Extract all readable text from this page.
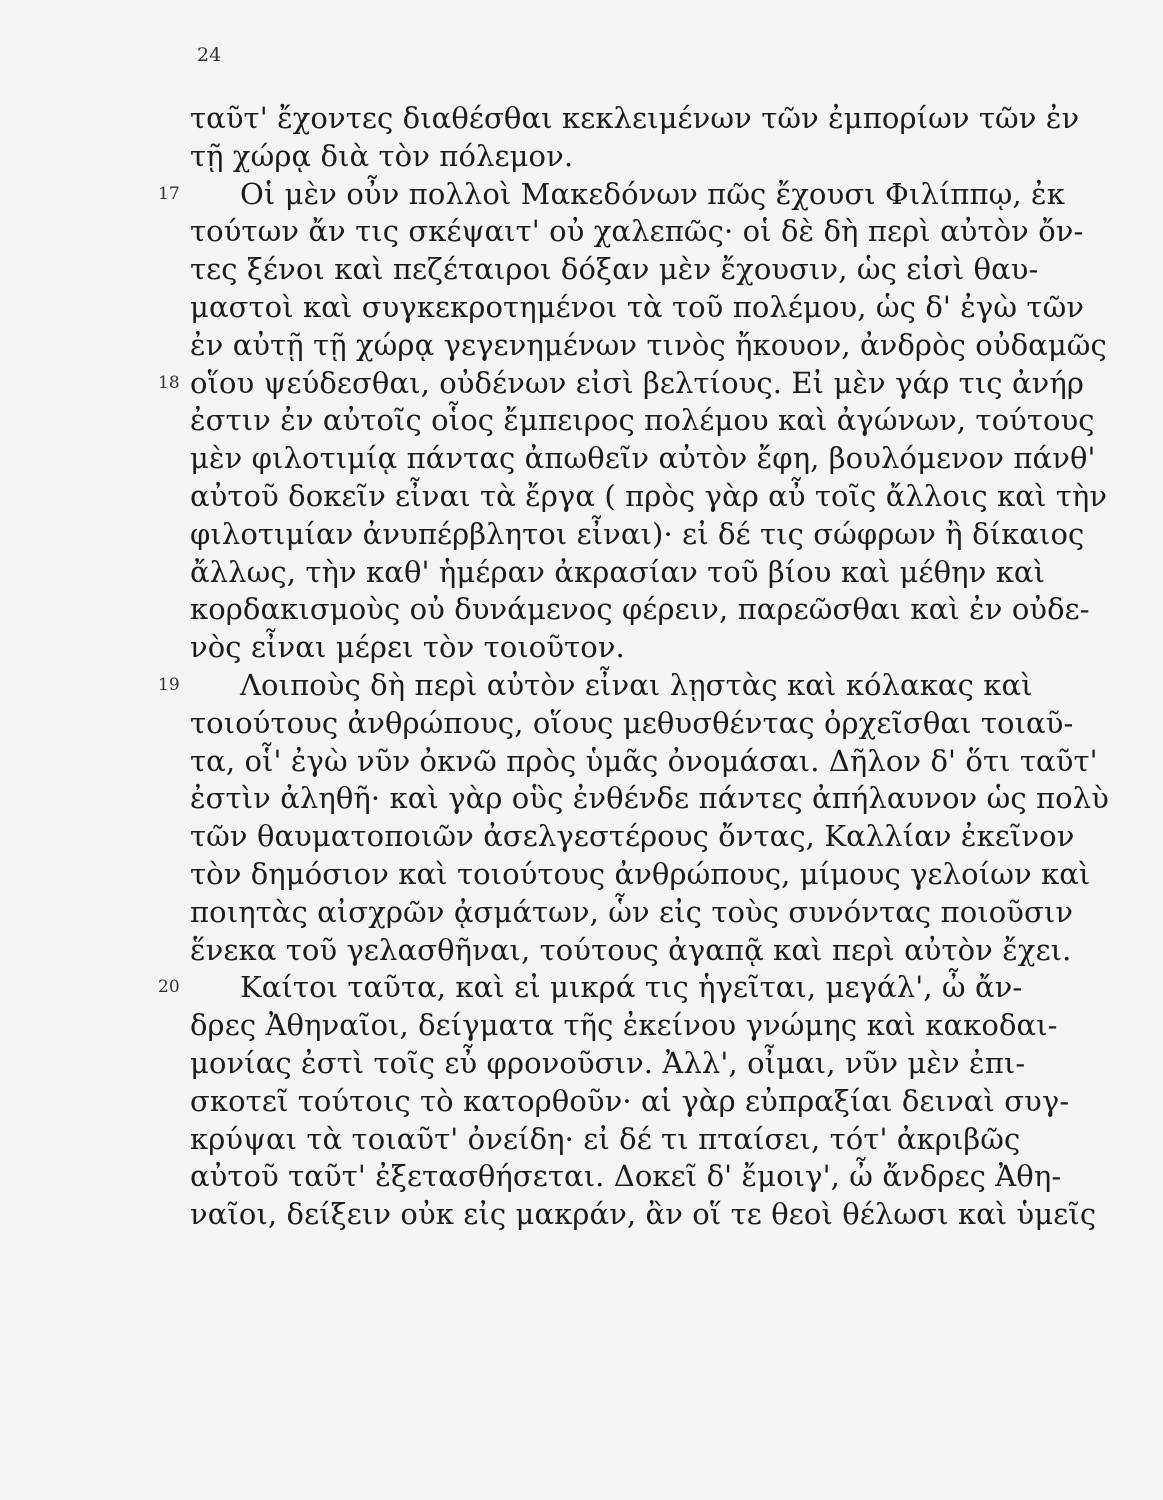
24
ταῦτ' ἔχοντες διαθέσθαι κεκλειμένων τῶν ἐμπορίων τῶν ἐν
τῇ χώρᾳ διὰ τὸν πόλεμον.
17 Οἱ μὲν οὖν πολλοὶ Μακεδόνων πῶς ἔχουσι Φιλίππῳ, ἐκ
τούτων ἄν τις σκέψαιτ' οὐ χαλεπῶς· οἱ δὲ δὴ περὶ αὐτὸν ὄν-
τες ξένοι καὶ πεζέταιροι δόξαν μὲν ἔχουσιν, ὡς εἰσὶ θαυ-
μαστοὶ καὶ συγκεκροτημένοι τὰ τοῦ πολέμου, ὡς δ' ἐγὼ τῶν
ἐν αὐτῇ τῇ χώρᾳ γεγενημένων τινὸς ἤκουον, ἀνδρὸς οὐδαμῶς
18 οἵου ψεύδεσθαι, οὐδένων εἰσὶ βελτίους. Εἰ μὲν γάρ τις ἀνήρ
ἐστιν ἐν αὐτοῖς οἷος ἔμπειρος πολέμου καὶ ἀγώνων, τούτους
μὲν φιλοτιμίᾳ πάντας ἀπωθεῖν αὐτὸν ἔφη, βουλόμενον πάνθ'
αὐτοῦ δοκεῖν εἶναι τὰ ἔργα ( πρὸς γὰρ αὖ τοῖς ἄλλοις καὶ τὴν
φιλοτιμίαν ἀνυπέρβλητοι εἶναι)· εἰ δέ τις σώφρων ἢ δίκαιος
ἄλλως, τὴν καθ' ἡμέραν ἀκρασίαν τοῦ βίου καὶ μέθην καὶ
κορδακισμοὺς οὐ δυνάμενος φέρειν, παρεῶσθαι καὶ ἐν οὐδε-
νὸς εἶναι μέρει τὸν τοιοῦτον.
19 Λοιποὺς δὴ περὶ αὐτὸν εἶναι λῃστὰς καὶ κόλακας καὶ
τοιούτους ἀνθρώπους, οἵους μεθυσθέντας ὀρχεῖσθαι τοιαῦ-
τα, οἷ' ἐγὼ νῦν ὀκνῶ πρὸς ὑμᾶς ὀνομάσαι. Δῆλον δ' ὅτι ταῦτ'
ἐστὶν ἀληθῆ· καὶ γὰρ οὓς ἐνθένδε πάντες ἀπήλαυνον ὡς πολὺ
τῶν θαυματοποιῶν ἀσελγεστέρους ὄντας, Καλλίαν ἐκεῖνον
τὸν δημόσιον καὶ τοιούτους ἀνθρώπους, μίμους γελοίων καὶ
ποιητὰς αἰσχρῶν ᾀσμάτων, ὧν εἰς τοὺς συνόντας ποιοῦσιν
ἕνεκα τοῦ γελασθῆναι, τούτους ἀγαπᾷ καὶ περὶ αὐτὸν ἔχει.
20 Καίτοι ταῦτα, καὶ εἰ μικρά τις ἡγεῖται, μεγάλ', ὦ ἄν-
δρες Ἀθηναῖοι, δείγματα τῆς ἐκείνου γνώμης καὶ κακοδαι-
μονίας ἐστὶ τοῖς εὖ φρονοῦσιν. Ἀλλ', οἶμαι, νῦν μὲν ἐπι-
σκοτεῖ τούτοις τὸ κατορθοῦν· αἱ γὰρ εὐπραξίαι δειναὶ συγ-
κρύψαι τὰ τοιαῦτ' ὀνείδη· εἰ δέ τι πταίσει, τότ' ἀκριβῶς
αὐτοῦ ταῦτ' ἐξετασθήσεται. Δοκεῖ δ' ἔμοιγ', ὦ ἄνδρες Ἀθη-
ναῖοι, δείξειν οὐκ εἰς μακράν, ἂν οἵ τε θεοὶ θέλωσι καὶ ὑμεῖς
